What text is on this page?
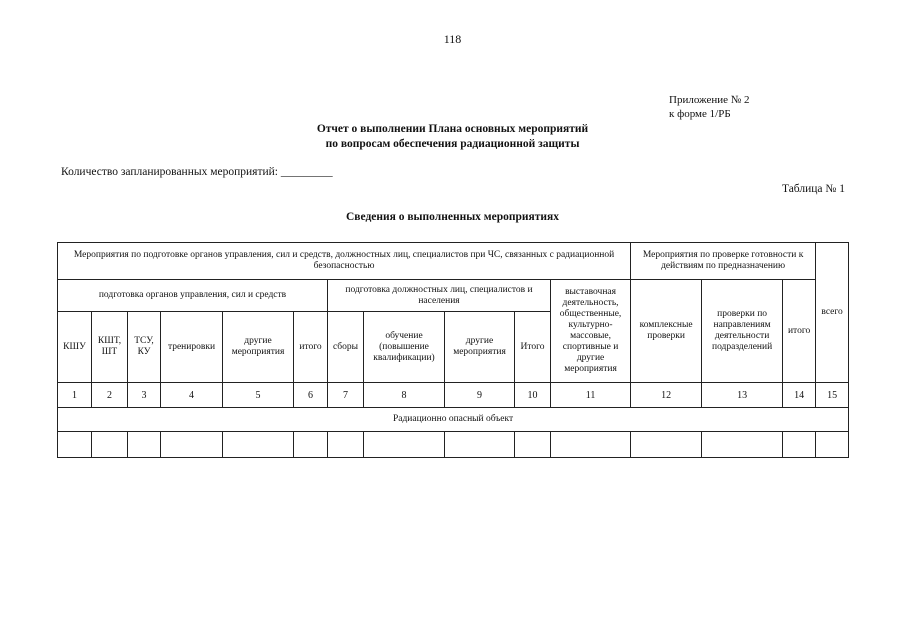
118
Приложение № 2
к форме 1/РБ
Отчет о выполнении Плана основных мероприятий
по вопросам обеспечения радиационной защиты
Количество запланированных мероприятий: _________
Таблица № 1
Сведения о выполненных мероприятиях
Мероприятия по подготовке органов управления, сил и средств, должностных лиц, специалистов при ЧС, связанных с радиационной безопасностью											Мероприятия по проверке готовности к действиям по предназначению			всего
подготовка органов управления, сил и средств						подготовка должностных лиц, специалистов и населения				выставочная деятельность, общественные, культурно-массовые, спортивные и другие мероприятия	комплексные проверки	проверки по направлениям деятельности подразделений	итого	
КШУ	КШТ, ШТ	ТСУ, КУ	тренировки	другие мероприятия	итого	сборы	обучение (повышение квалификации)	другие мероприятия	Итого					
1	2	3	4	5	6	7	8	9	10	11	12	13	14	15
Радиационно опасный объект														
